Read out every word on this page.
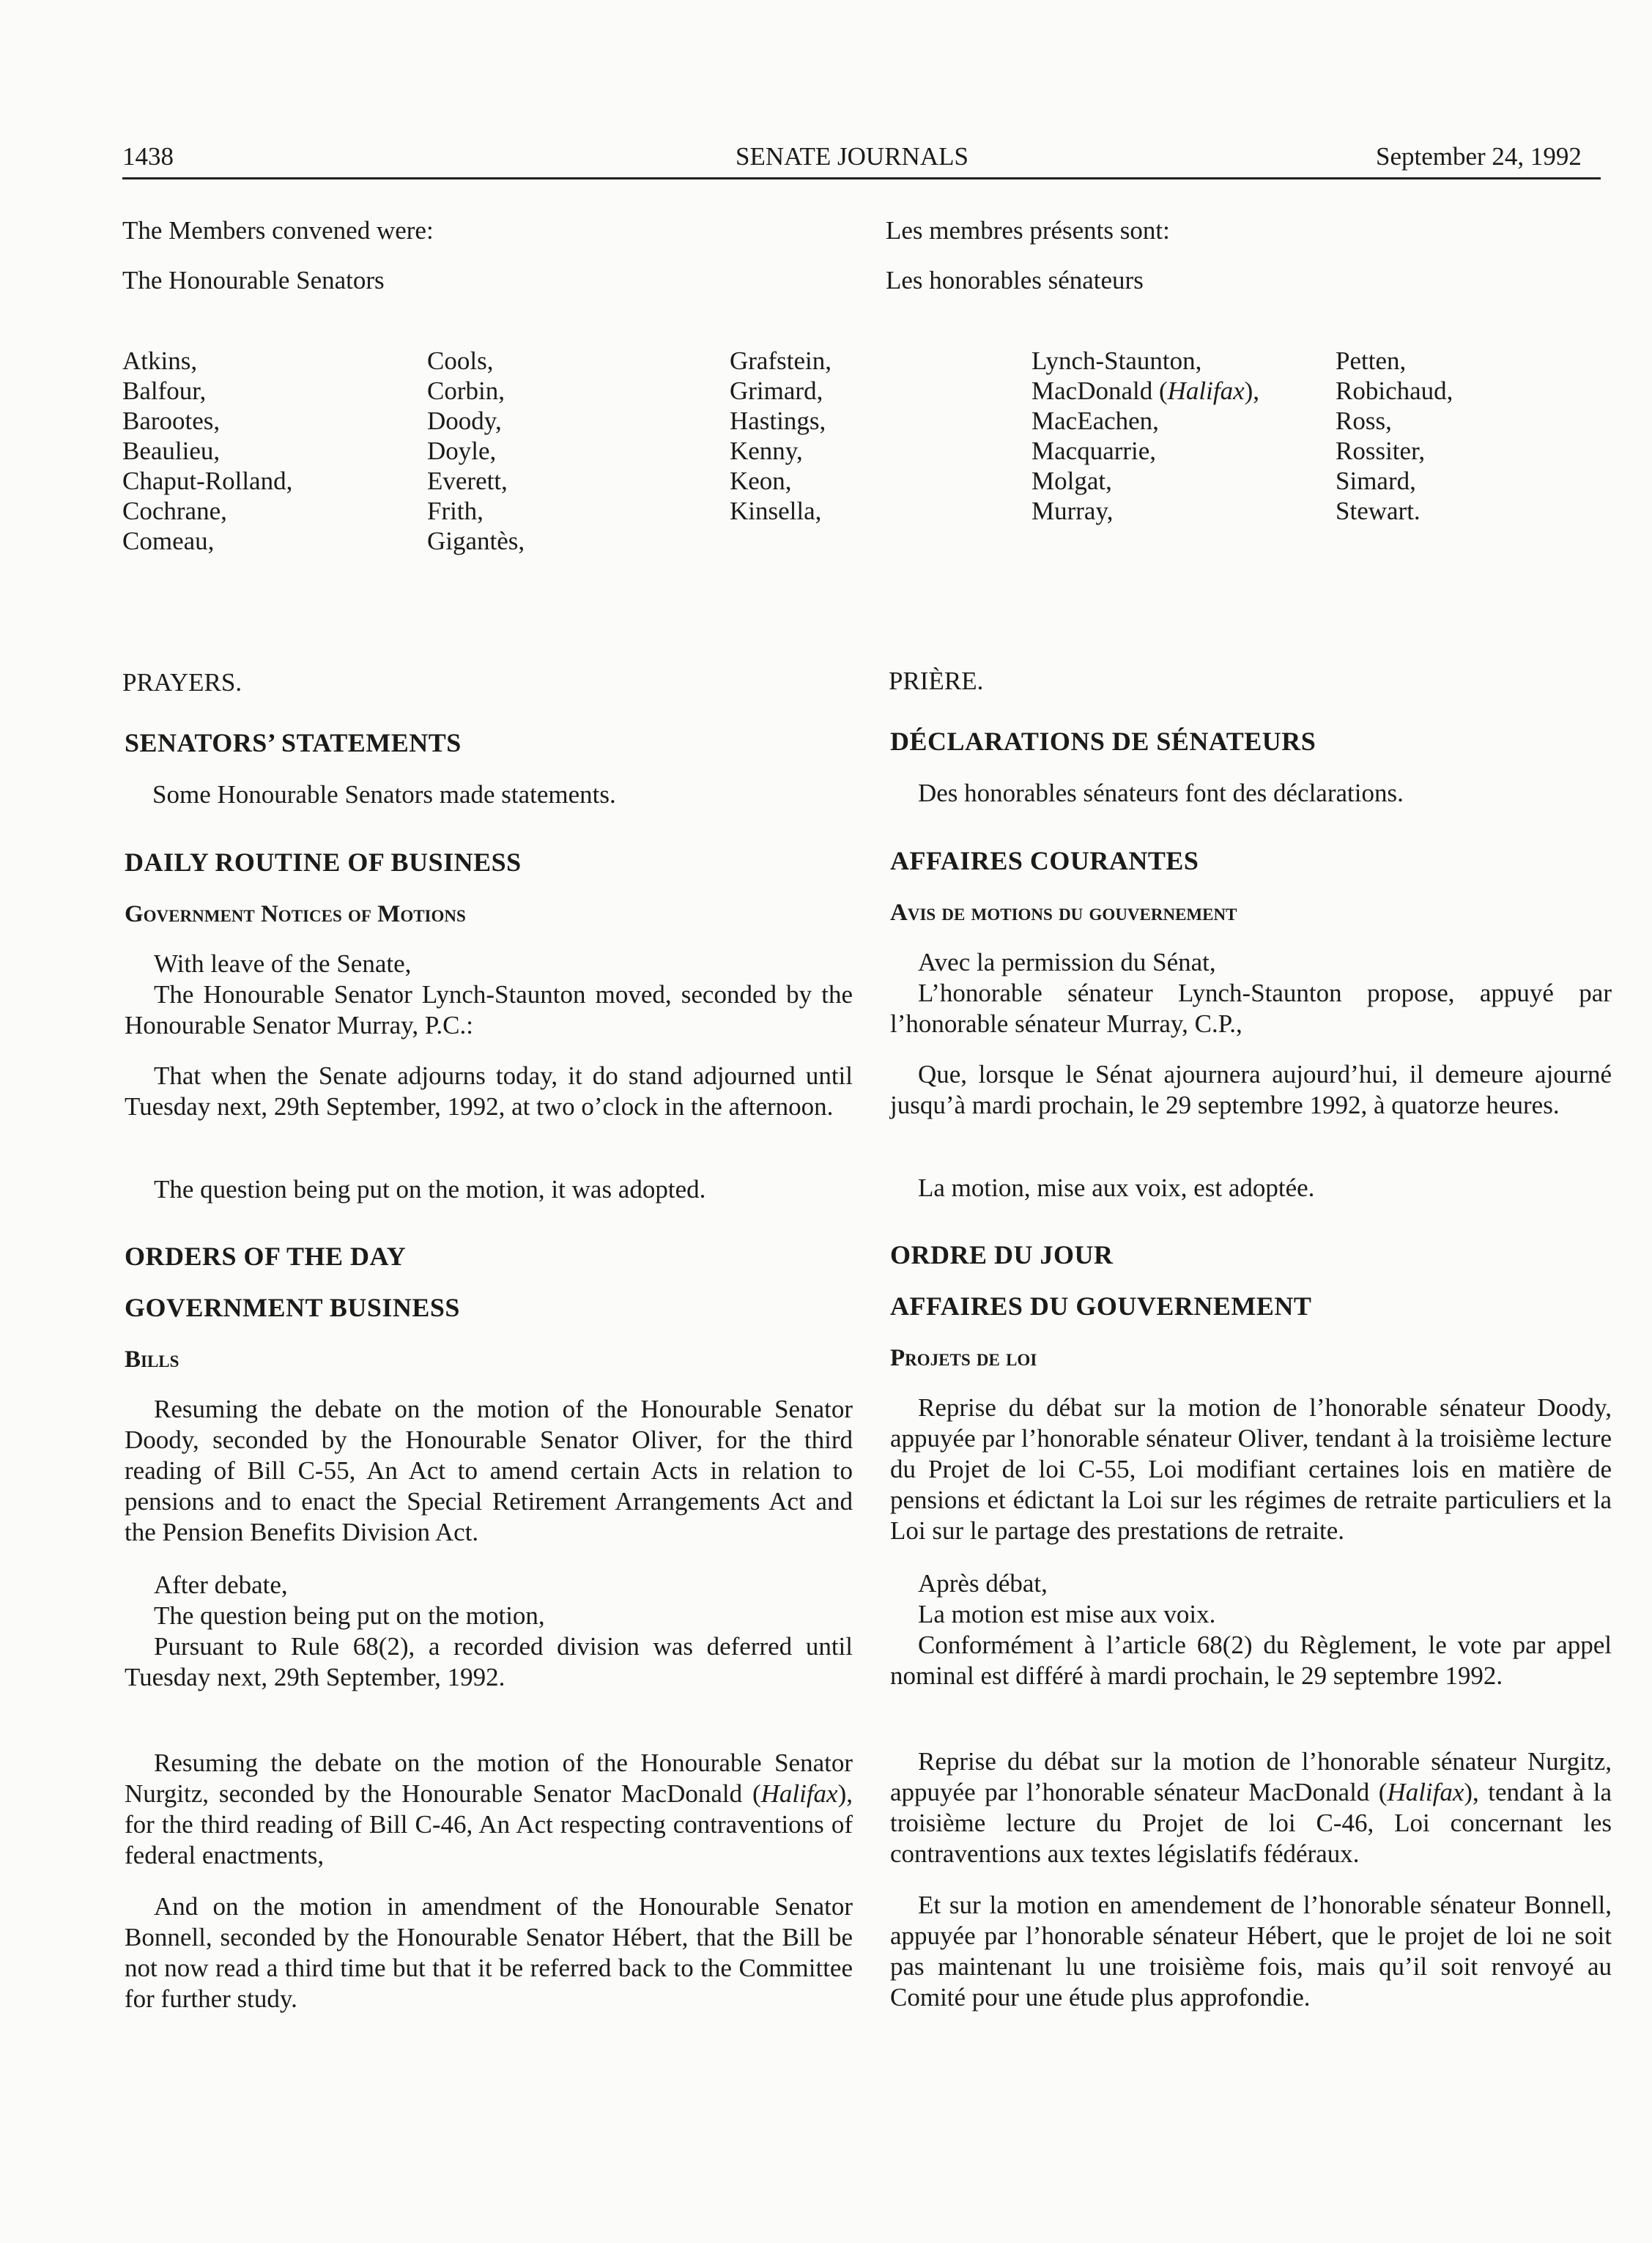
1438	SENATE JOURNALS	September 24, 1992

The Members convened were:

The Honourable Senators

Les membres présents sont:

Les honorables sénateurs

Atkins,
Balfour,
Barootes,
Beaulieu,
Chaput-Rolland,
Cochrane,
Comeau,
Cools,
Corbin,
Doody,
Doyle,
Everett,
Frith,
Gigantès,
Grafstein,
Grimard,
Hastings,
Kenny,
Keon,
Kinsella,
Lynch-Staunton,
MacDonald (Halifax),
MacEachen,
Macquarrie,
Molgat,
Murray,
Petten,
Robichaud,
Ross,
Rossiter,
Simard,
Stewart.

PRAYERS.

SENATORS’ STATEMENTS

Some Honourable Senators made statements.

DAILY ROUTINE OF BUSINESS

Government Notices of Motions

With leave of the Senate,

The Honourable Senator Lynch-Staunton moved, seconded by the Honourable Senator Murray, P.C.:

That when the Senate adjourns today, it do stand adjourned until Tuesday next, 29th September, 1992, at two o’clock in the afternoon.

The question being put on the motion, it was adopted.

ORDERS OF THE DAY

GOVERNMENT BUSINESS

Bills

Resuming the debate on the motion of the Honourable Senator Doody, seconded by the Honourable Senator Oliver, for the third reading of Bill C-55, An Act to amend certain Acts in relation to pensions and to enact the Special Retirement Arrangements Act and the Pension Benefits Division Act.

After debate,

The question being put on the motion,

Pursuant to Rule 68(2), a recorded division was deferred until Tuesday next, 29th September, 1992.

Resuming the debate on the motion of the Honourable Senator Nurgitz, seconded by the Honourable Senator MacDonald (Halifax), for the third reading of Bill C-46, An Act respecting contraventions of federal enactments,

And on the motion in amendment of the Honourable Senator Bonnell, seconded by the Honourable Senator Hébert, that the Bill be not now read a third time but that it be referred back to the Committee for further study.

PRIÈRE.

DÉCLARATIONS DE SÉNATEURS

Des honorables sénateurs font des déclarations.

AFFAIRES COURANTES

Avis de motions du gouvernement

Avec la permission du Sénat,

L’honorable sénateur Lynch-Staunton propose, appuyé par l’honorable sénateur Murray, C.P.,

Que, lorsque le Sénat ajournera aujourd’hui, il demeure ajourné jusqu’à mardi prochain, le 29 septembre 1992, à quatorze heures.

La motion, mise aux voix, est adoptée.

ORDRE DU JOUR

AFFAIRES DU GOUVERNEMENT

Projets de loi

Reprise du débat sur la motion de l’honorable sénateur Doody, appuyée par l’honorable sénateur Oliver, tendant à la troisième lecture du Projet de loi C-55, Loi modifiant certaines lois en matière de pensions et édictant la Loi sur les régimes de retraite particuliers et la Loi sur le partage des prestations de retraite.

Après débat,

La motion est mise aux voix.

Conformément à l’article 68(2) du Règlement, le vote par appel nominal est différé à mardi prochain, le 29 septembre 1992.

Reprise du débat sur la motion de l’honorable sénateur Nurgitz, appuyée par l’honorable sénateur MacDonald (Halifax), tendant à la troisième lecture du Projet de loi C-46, Loi concernant les contraventions aux textes législatifs fédéraux.

Et sur la motion en amendement de l’honorable sénateur Bonnell, appuyée par l’honorable sénateur Hébert, que le projet de loi ne soit pas maintenant lu une troisième fois, mais qu’il soit renvoyé au Comité pour une étude plus approfondie.
